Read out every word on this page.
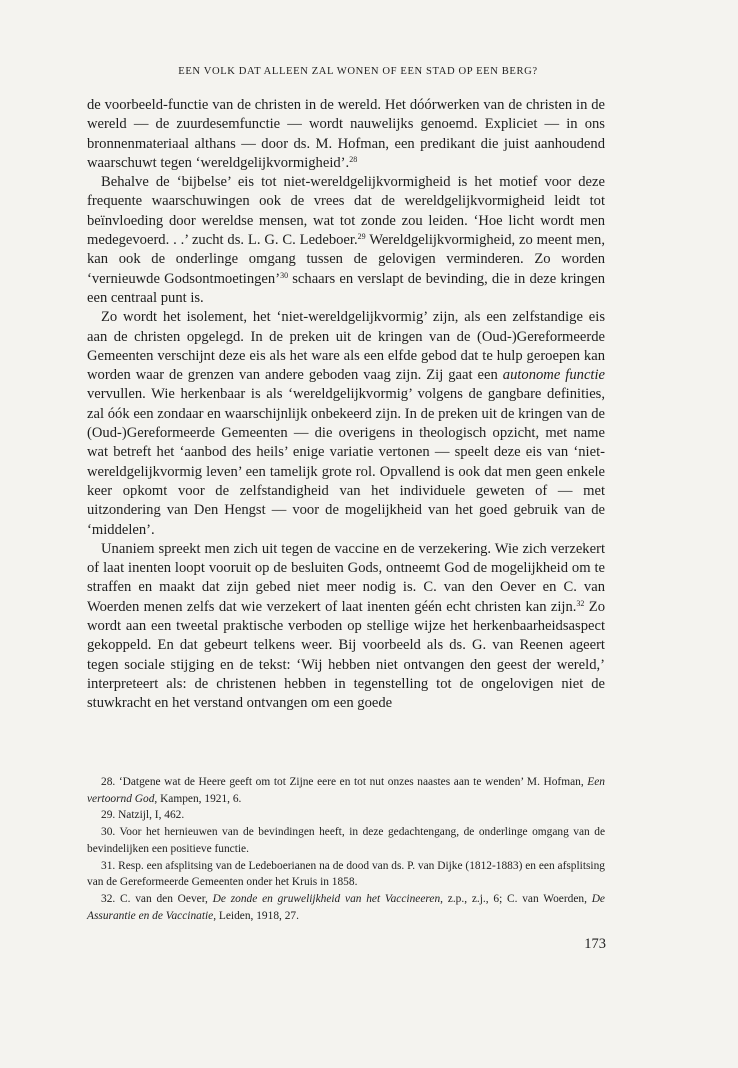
EEN VOLK DAT ALLEEN ZAL WONEN OF EEN STAD OP EEN BERG?

de voorbeeld-functie van de christen in de wereld. Het dóórwerken van de christen in de wereld — de zuurdesemfunctie — wordt nauwelijks genoemd. Expliciet — in ons bronnenmateriaal althans — door ds. M. Hofman, een predikant die juist aanhoudend waarschuwt tegen ‘wereldgelijkvormigheid’.$^{28}$

Behalve de ‘bijbelse’ eis tot niet-wereldgelijkvormigheid is het motief voor deze frequente waarschuwingen ook de vrees dat de wereldgelijkvormigheid leidt tot beïnvloeding door wereldse mensen, wat tot zonde zou leiden. ‘Hoe licht wordt men medegevoerd. . .’ zucht ds. L. G. C. Ledeboer.$^{29}$ Wereldgelijkvormigheid, zo meent men, kan ook de onderlinge omgang tussen de gelovigen verminderen. Zo worden ‘vernieuwde Godsontmoetingen’$^{30}$ schaars en verslapt de bevinding, die in deze kringen een centraal punt is.

Zo wordt het isolement, het ‘niet-wereldgelijkvormig’ zijn, als een zelfstandige eis aan de christen opgelegd. In de preken uit de kringen van de (Oud-)Gereformeerde Gemeenten verschijnt deze eis als het ware als een elfde gebod dat te hulp geroepen kan worden waar de grenzen van andere geboden vaag zijn. Zij gaat een autonome functie vervullen. Wie herkenbaar is als ‘wereldgelijkvormig’ volgens de gangbare definities, zal óók een zondaar en waarschijnlijk onbekeerd zijn. In de preken uit de kringen van de (Oud-)Gereformeerde Gemeenten — die overigens in theologisch opzicht, met name wat betreft het ‘aanbod des heils’ enige variatie vertonen — speelt deze eis van ‘niet-wereldgelijkvormig leven’ een tamelijk grote rol. Opvallend is ook dat men geen enkele keer opkomt voor de zelfstandigheid van het individuele geweten of — met uitzondering van Den Hengst — voor de mogelijkheid van het goed gebruik van de ‘middelen’.

Unaniem spreekt men zich uit tegen de vaccine en de verzekering. Wie zich verzekert of laat inenten loopt vooruit op de besluiten Gods, ontneemt God de mogelijkheid om te straffen en maakt dat zijn gebed niet meer nodig is. C. van den Oever en C. van Woerden menen zelfs dat wie verzekert of laat inenten géén echt christen kan zijn.$^{32}$ Zo wordt aan een tweetal praktische verboden op stellige wijze het herkenbaarheidsaspect gekoppeld. En dat gebeurt telkens weer. Bij voorbeeld als ds. G. van Reenen ageert tegen sociale stijging en de tekst: ‘Wij hebben niet ontvangen den geest der wereld,’ interpreteert als: de christenen hebben in tegenstelling tot de ongelovigen niet de stuwkracht en het verstand ontvangen om een goede

28. ‘Datgene wat de Heere geeft om tot Zijne eere en tot nut onzes naastes aan te wenden’ M. Hofman, Een vertoornd God, Kampen, 1921, 6.

29. Natzijl, I, 462.

30. Voor het hernieuwen van de bevindingen heeft, in deze gedachtengang, de onderlinge omgang van de bevindelijken een positieve functie.

31. Resp. een afsplitsing van de Ledeboerianen na de dood van ds. P. van Dijke (1812-1883) en een afsplitsing van de Gereformeerde Gemeenten onder het Kruis in 1858.

32. C. van den Oever, De zonde en gruwelijkheid van het Vaccineeren, z.p., z.j., 6; C. van Woerden, De Assurantie en de Vaccinatie, Leiden, 1918, 27.

173
